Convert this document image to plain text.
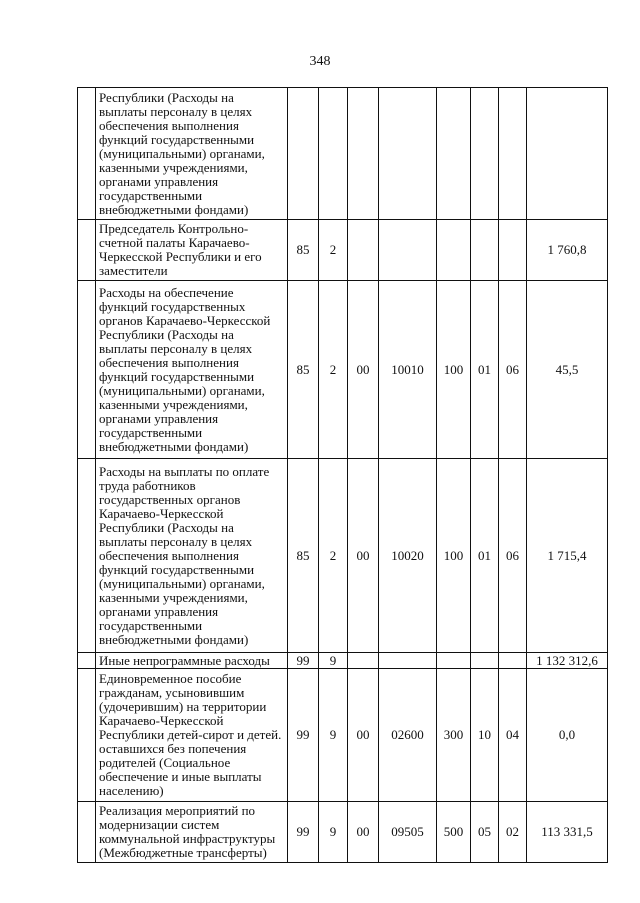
348
	Республики (Расходы на выплаты персоналу в целях обеспечения выполнения функций государственными (муниципальными) органами, казенными учреждениями, органами управления государственными внебюджетными фондами)								
	Председатель Контрольно-счетной палаты Карачаево-Черкесской Республики и его заместители	85	2						1 760,8
	Расходы на обеспечение функций государственных органов Карачаево-Черкесской Республики (Расходы на выплаты персоналу в целях обеспечения выполнения функций государственными (муниципальными) органами, казенными учреждениями, органами управления государственными внебюджетными фондами)	85	2	00	10010	100	01	06	45,5
	Расходы на выплаты по оплате труда работников государственных органов Карачаево-Черкесской Республики (Расходы на выплаты персоналу в целях обеспечения выполнения функций государственными (муниципальными) органами, казенными учреждениями, органами управления государственными внебюджетными фондами)	85	2	00	10020	100	01	06	1 715,4
	Иные непрограммные расходы	99	9						1 132 312,6
	Единовременное пособие гражданам, усыновившим (удочерившим) на территории Карачаево-Черкесской Республики детей-сирот и детей. оставшихся без попечения родителей (Социальное обеспечение и иные выплаты населению)	99	9	00	02600	300	10	04	0,0
	Реализация мероприятий по модернизации систем коммунальной инфраструктуры (Межбюджетные трансферты)	99	9	00	09505	500	05	02	113 331,5
